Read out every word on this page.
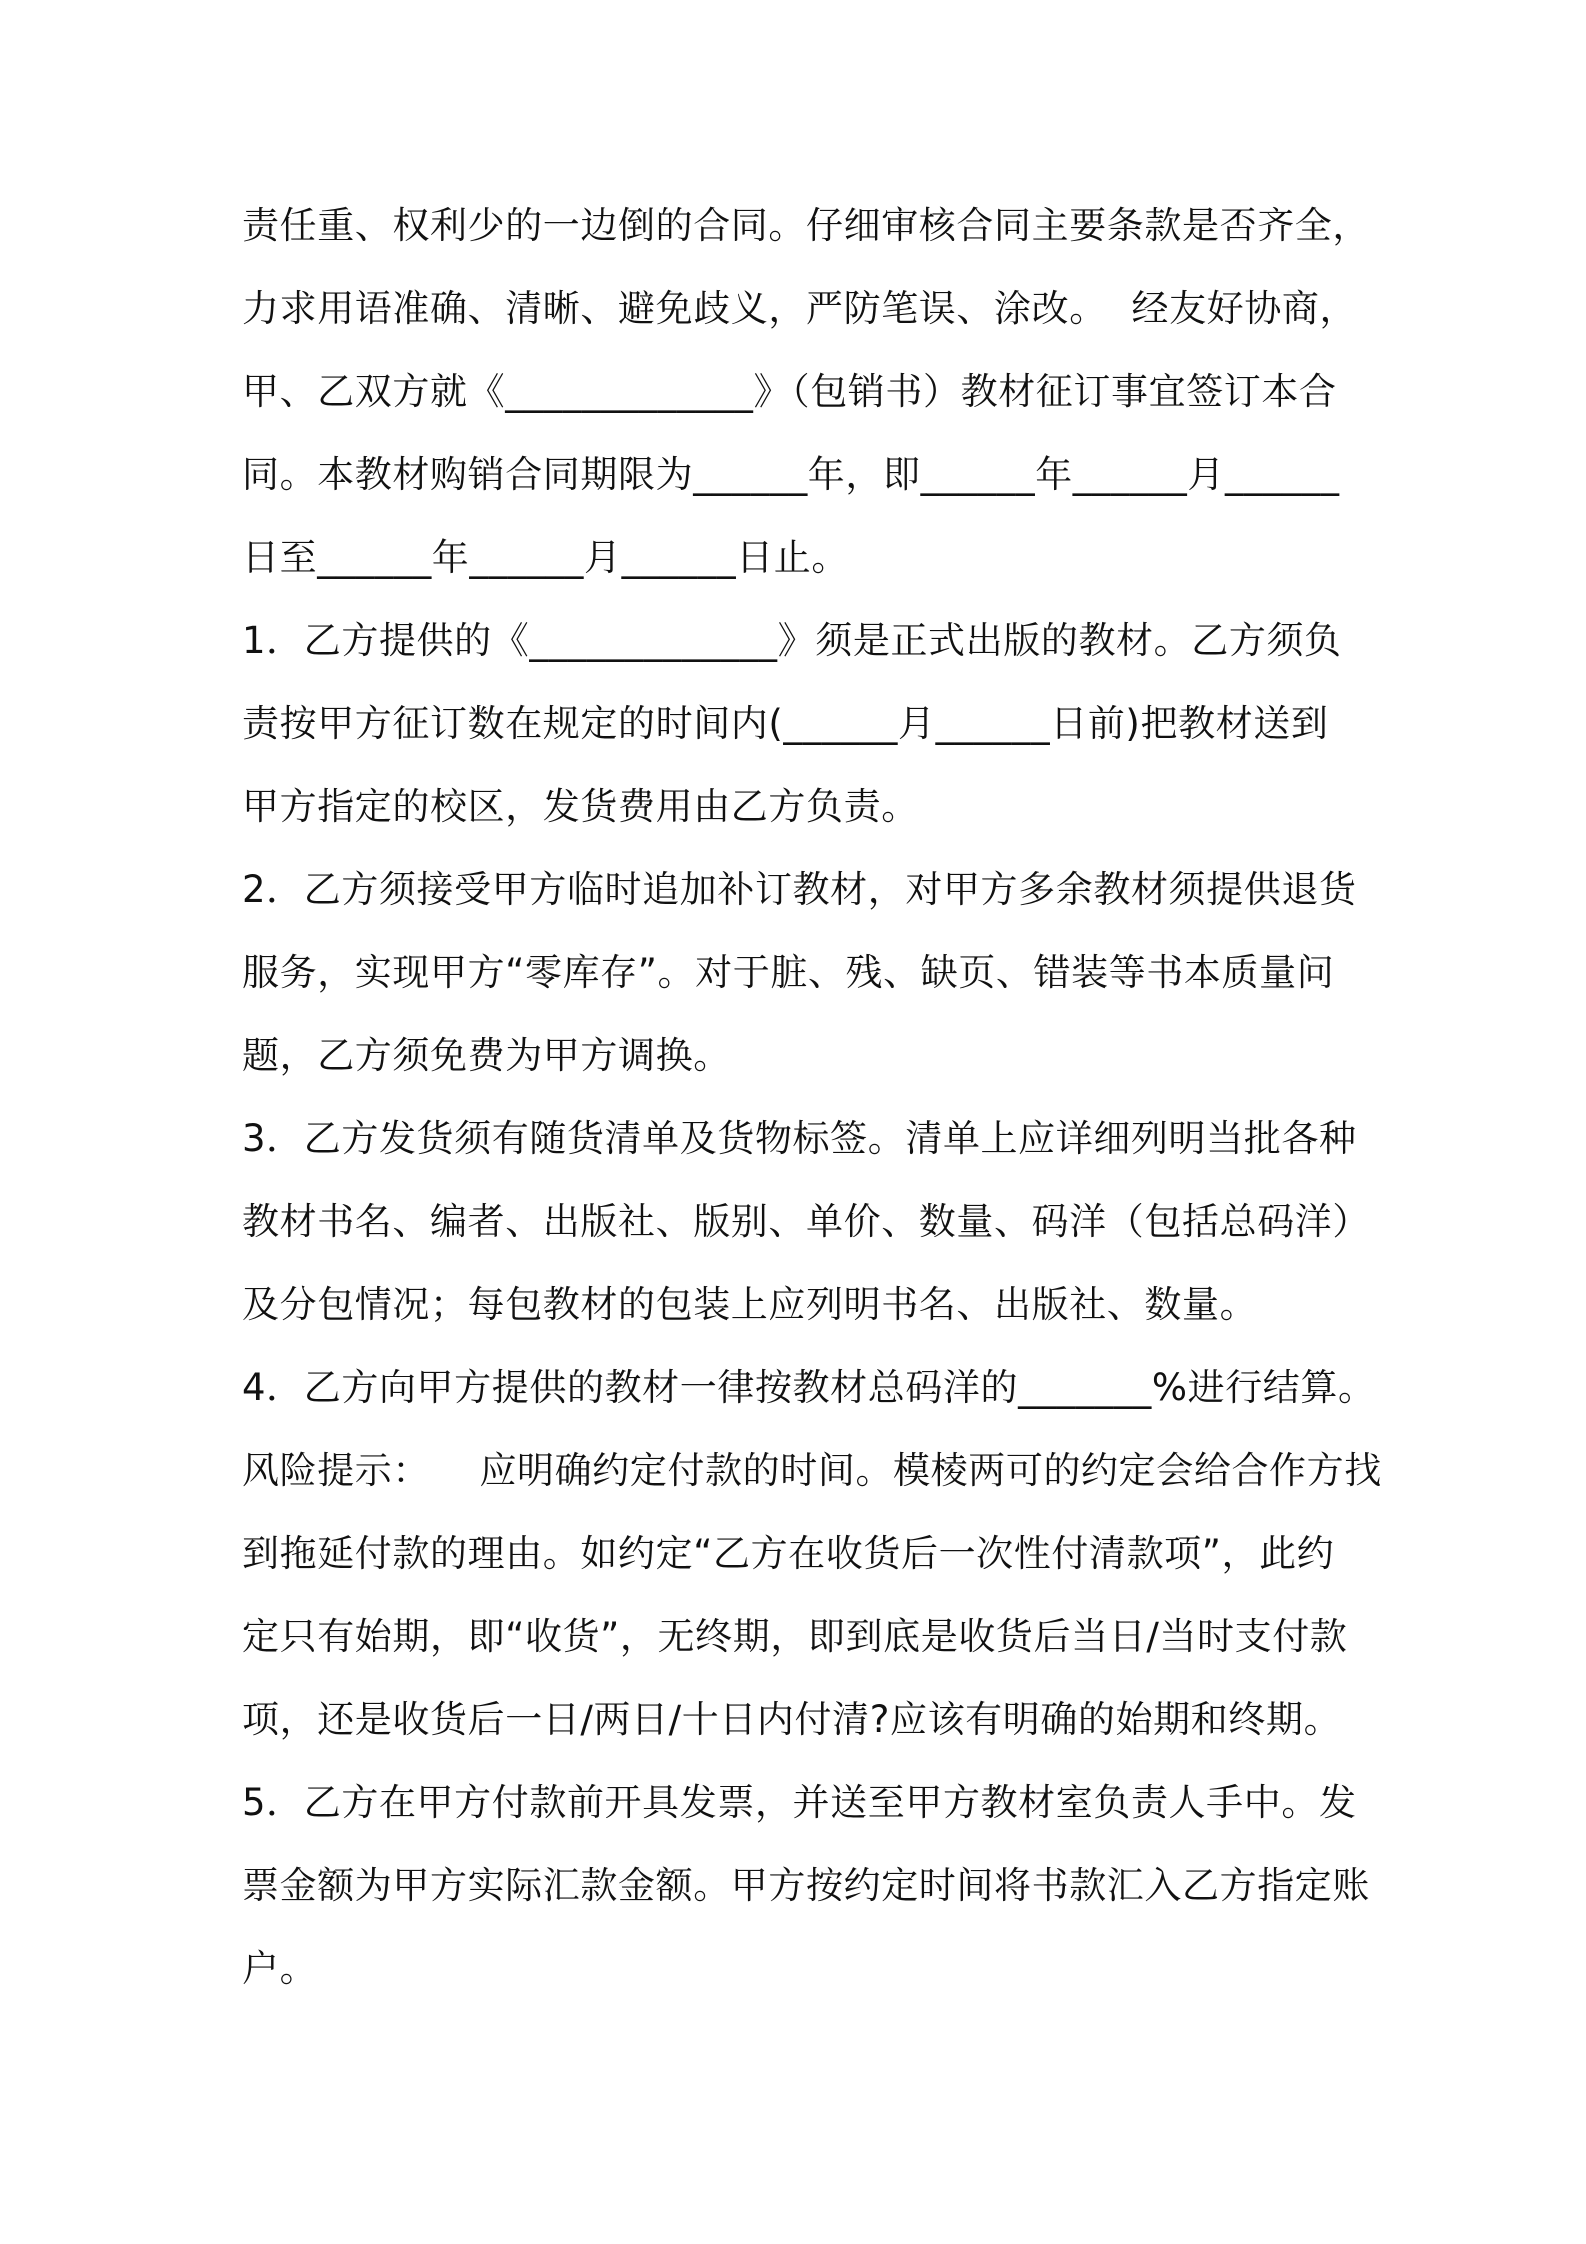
责任重、权利少的一边倒的合同。仔细审核合同主要条款是否齐全，
力求用语准确、清晰、避免歧义，严防笔误、涂改。  经友好协商，
甲、乙双方就《_____________》（包销书）教材征订事宜签订本合
同。本教材购销合同期限为______年，即______年______月______
日至______年______月______日止。
1．乙方提供的《_____________》须是正式出版的教材。乙方须负
责按甲方征订数在规定的时间内(______月______日前)把教材送到
甲方指定的校区，发货费用由乙方负责。
2．乙方须接受甲方临时追加补订教材，对甲方多余教材须提供退货
服务，实现甲方“零库存”。对于脏、残、缺页、错装等书本质量问
题，乙方须免费为甲方调换。
3．乙方发货须有随货清单及货物标签。清单上应详细列明当批各种
教材书名、编者、出版社、版别、单价、数量、码洋（包括总码洋）
及分包情况；每包教材的包装上应列明书名、出版社、数量。
4．乙方向甲方提供的教材一律按教材总码洋的_______%进行结算。
风险提示：    应明确约定付款的时间。模棱两可的约定会给合作方找
到拖延付款的理由。如约定“乙方在收货后一次性付清款项”，此约
定只有始期，即“收货”，无终期，即到底是收货后当日/当时支付款
项，还是收货后一日/两日/十日内付清?应该有明确的始期和终期。
5．乙方在甲方付款前开具发票，并送至甲方教材室负责人手中。发
票金额为甲方实际汇款金额。甲方按约定时间将书款汇入乙方指定账
户。
